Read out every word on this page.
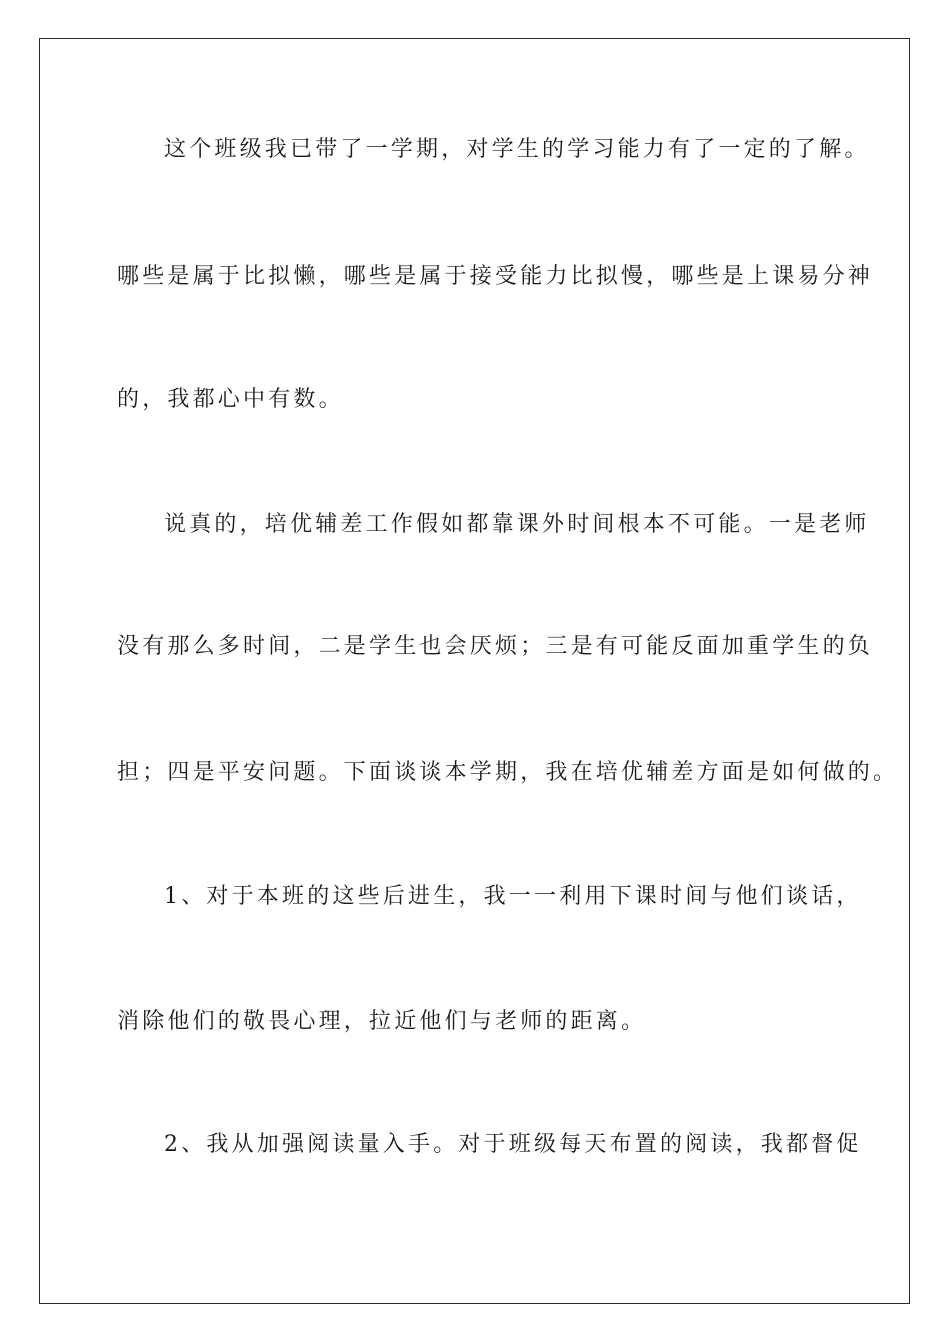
这个班级我已带了一学期，对学生的学习能力有了一定的了解。
哪些是属于比拟懒，哪些是属于接受能力比拟慢，哪些是上课易分神
的，我都心中有数。
说真的，培优辅差工作假如都靠课外时间根本不可能。一是老师
没有那么多时间，二是学生也会厌烦；三是有可能反面加重学生的负
担；四是平安问题。下面谈谈本学期，我在培优辅差方面是如何做的。
1、对于本班的这些后进生，我一一利用下课时间与他们谈话，
消除他们的敬畏心理，拉近他们与老师的距离。
2、我从加强阅读量入手。对于班级每天布置的阅读，我都督促
